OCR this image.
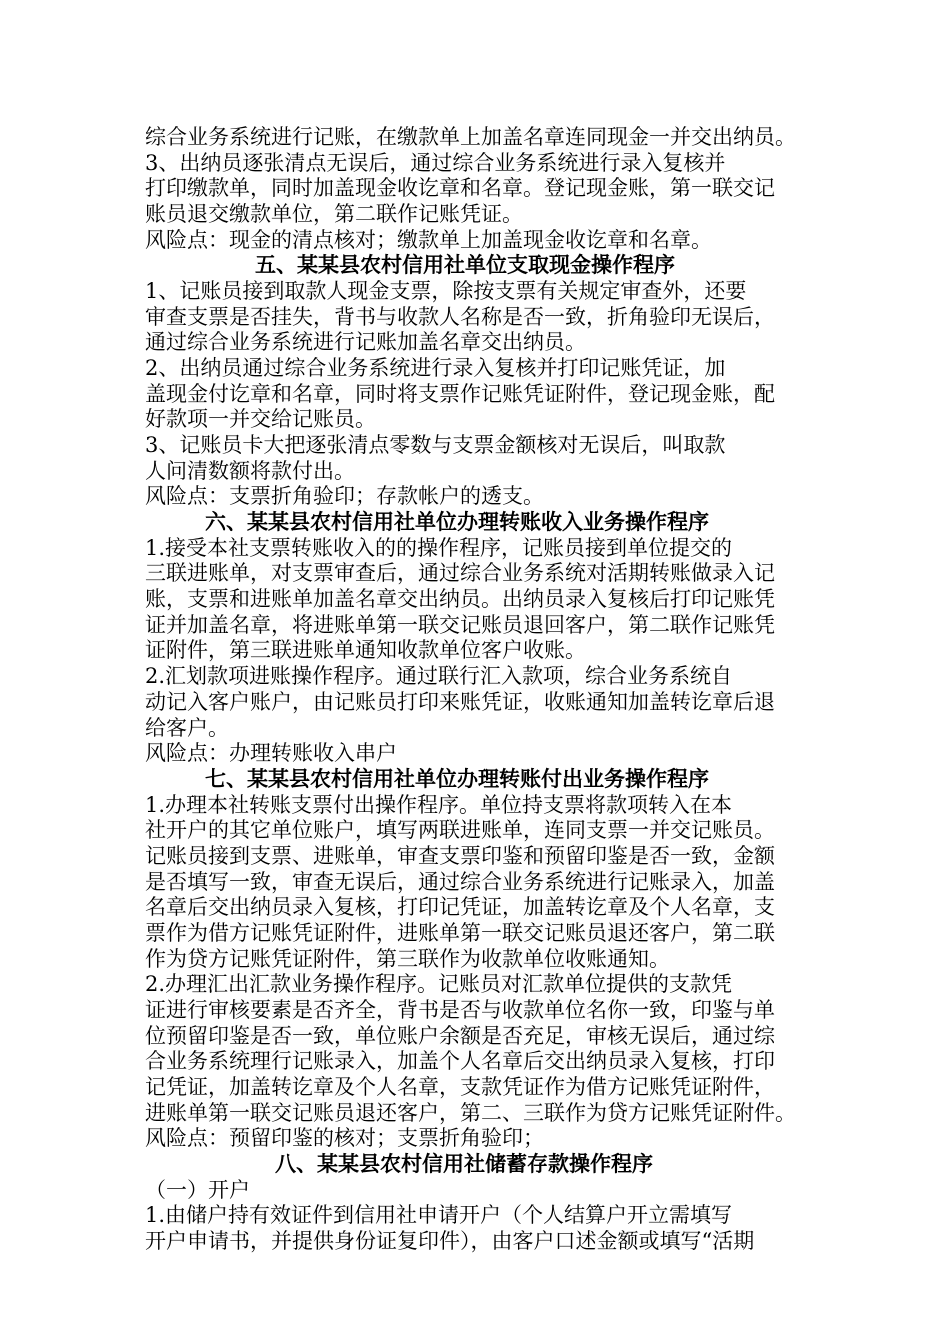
综合业务系统进行记账，在缴款单上加盖名章连同现金一并交出纳员。
3、出纳员逐张清点无误后，通过综合业务系统进行录入复核并
打印缴款单，同时加盖现金收讫章和名章。登记现金账，第一联交记
账员退交缴款单位，第二联作记账凭证。
风险点：现金的清点核对；缴款单上加盖现金收讫章和名章。
五、某某县农村信用社单位支取现金操作程序
1、记账员接到取款人现金支票，除按支票有关规定审查外，还要
审查支票是否挂失，背书与收款人名称是否一致，折角验印无误后，
通过综合业务系统进行记账加盖名章交出纳员。
2、出纳员通过综合业务系统进行录入复核并打印记账凭证，加
盖现金付讫章和名章，同时将支票作记账凭证附件，登记现金账，配
好款项一并交给记账员。
3、记账员卡大把逐张清点零数与支票金额核对无误后，叫取款
人问清数额将款付出。
风险点：支票折角验印；存款帐户的透支。
六、某某县农村信用社单位办理转账收入业务操作程序
1.接受本社支票转账收入的的操作程序，记账员接到单位提交的
三联进账单，对支票审查后，通过综合业务系统对活期转账做录入记
账，支票和进账单加盖名章交出纳员。出纳员录入复核后打印记账凭
证并加盖名章，将进账单第一联交记账员退回客户，第二联作记账凭
证附件，第三联进账单通知收款单位客户收账。
2.汇划款项进账操作程序。通过联行汇入款项，综合业务系统自
动记入客户账户，由记账员打印来账凭证，收账通知加盖转讫章后退
给客户。
风险点：办理转账收入串户
七、某某县农村信用社单位办理转账付出业务操作程序
1.办理本社转账支票付出操作程序。单位持支票将款项转入在本
社开户的其它单位账户，填写两联进账单，连同支票一并交记账员。
记账员接到支票、进账单，审查支票印鉴和预留印鉴是否一致，金额
是否填写一致，审查无误后，通过综合业务系统进行记账录入，加盖
名章后交出纳员录入复核，打印记凭证，加盖转讫章及个人名章，支
票作为借方记账凭证附件，进账单第一联交记账员退还客户，第二联
作为贷方记账凭证附件，第三联作为收款单位收账通知。
2.办理汇出汇款业务操作程序。记账员对汇款单位提供的支款凭
证进行审核要素是否齐全，背书是否与收款单位名你一致，印鉴与单
位预留印鉴是否一致，单位账户余额是否充足，审核无误后，通过综
合业务系统理行记账录入，加盖个人名章后交出纳员录入复核，打印
记凭证，加盖转讫章及个人名章，支款凭证作为借方记账凭证附件，
进账单第一联交记账员退还客户，第二、三联作为贷方记账凭证附件。
风险点：预留印鉴的核对；支票折角验印；
八、某某县农村信用社储蓄存款操作程序
（一）开户
1.由储户持有效证件到信用社申请开户（个人结算户开立需填写
开户申请书，并提供身份证复印件），由客户口述金额或填写“活期
